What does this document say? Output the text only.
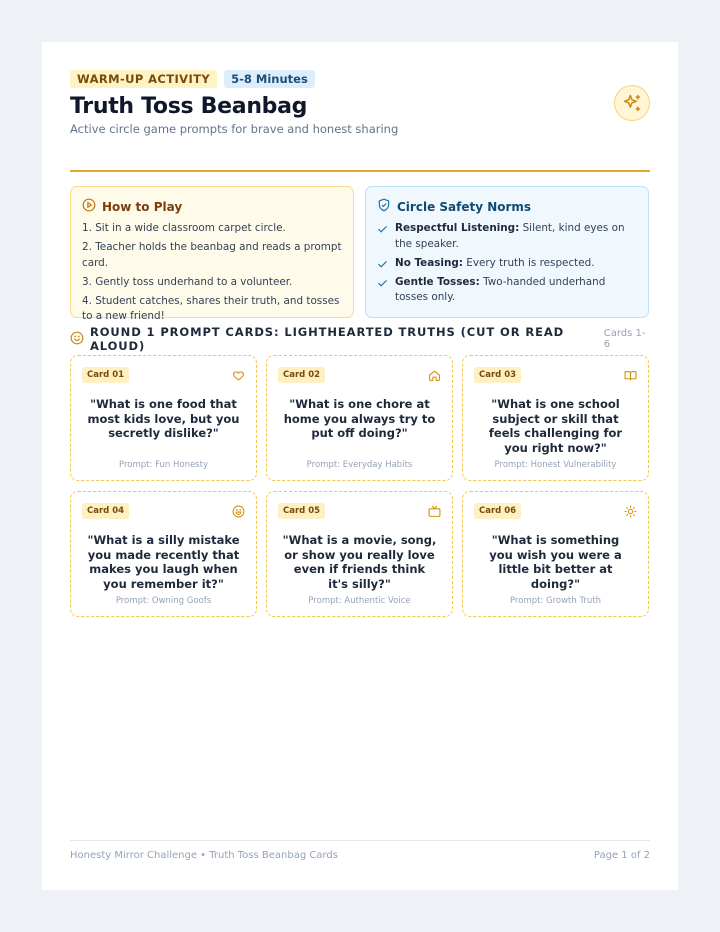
WARM-UP ACTIVITY	5-8 Minutes
Truth Toss Beanbag
Active circle game prompts for brave and honest sharing
How to Play
1. Sit in a wide classroom carpet circle.
2. Teacher holds the beanbag and reads a prompt card.
3. Gently toss underhand to a volunteer.
4. Student catches, shares their truth, and tosses to a new friend!
Circle Safety Norms
Respectful Listening: Silent, kind eyes on the speaker.
No Teasing: Every truth is respected.
Gentle Tosses: Two-handed underhand tosses only.
ROUND 1 PROMPT CARDS: LIGHTHEARTED TRUTHS (CUT OR READ ALOUD)
Cards 1-6
Card 01
"What is one food that most kids love, but you secretly dislike?"
Prompt: Fun Honesty
Card 02
"What is one chore at home you always try to put off doing?"
Prompt: Everyday Habits
Card 03
"What is one school subject or skill that feels challenging for you right now?"
Prompt: Honest Vulnerability
Card 04
"What is a silly mistake you made recently that makes you laugh when you remember it?"
Prompt: Owning Goofs
Card 05
"What is a movie, song, or show you really love even if friends think it's silly?"
Prompt: Authentic Voice
Card 06
"What is something you wish you were a little bit better at doing?"
Prompt: Growth Truth
Honesty Mirror Challenge • Truth Toss Beanbag Cards	Page 1 of 2
